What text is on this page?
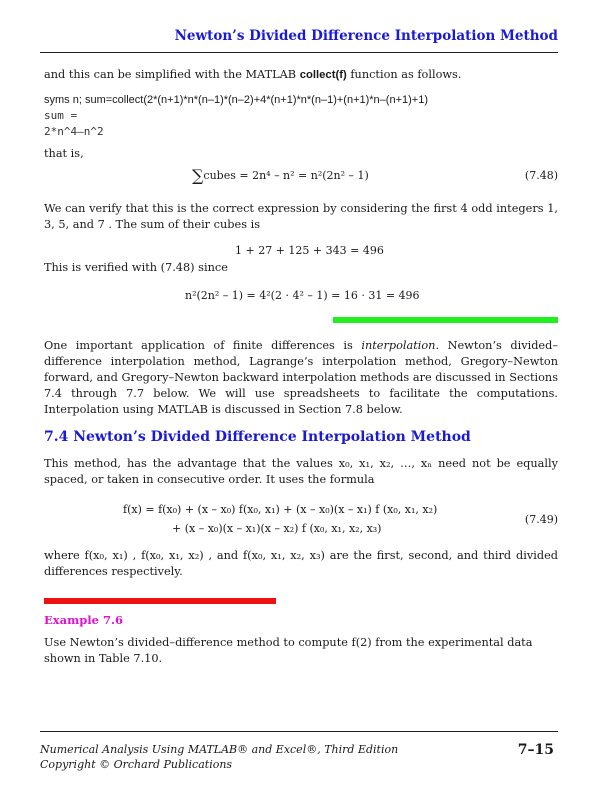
Newton’s Divided Difference Interpolation Method

and this can be simplified with the MATLAB collect(f) function as follows.

syms n; sum=collect(2*(n+1)*n*(n–1)*(n–2)+4*(n+1)*n*(n–1)+(n+1)*n–(n+1)+1)
sum =
2*n^4–n^2

that is,

∑cubes = 2n⁴ – n² = n²(2n² – 1)	(7.48)

We can verify that this is the correct expression by considering the first 4 odd integers 1, 3, 5, and 7 . The sum of their cubes is

1 + 27 + 125 + 343 = 496

This is verified with (7.48) since

n²(2n² – 1) = 4²(2 · 4² – 1) = 16 · 31 = 496

One important application of finite differences is interpolation. Newton’s divided–difference interpolation method, Lagrange’s interpolation method, Gregory–Newton forward, and Gregory–Newton backward interpolation methods are discussed in Sections 7.4 through 7.7 below. We will use spreadsheets to facilitate the computations. Interpolation using MATLAB is discussed in Section 7.8 below.

7.4 Newton’s Divided Difference Interpolation Method

This method, has the advantage that the values x₀, x₁, x₂, …, xₙ need not be equally spaced, or taken in consecutive order. It uses the formula

f(x) = f(x₀) + (x – x₀) f(x₀, x₁) + (x – x₀)(x – x₁) f (x₀, x₁, x₂)
+ (x – x₀)(x – x₁)(x – x₂) f (x₀, x₁, x₂, x₃)
(7.49)

where f(x₀, x₁) , f(x₀, x₁, x₂) , and f(x₀, x₁, x₂, x₃) are the first, second, and third divided differences respectively.

Example 7.6

Use Newton’s divided–difference method to compute f(2) from the experimental data shown in Table 7.10.

Numerical Analysis Using MATLAB® and Excel®, Third Edition
Copyright © Orchard Publications
7–15
